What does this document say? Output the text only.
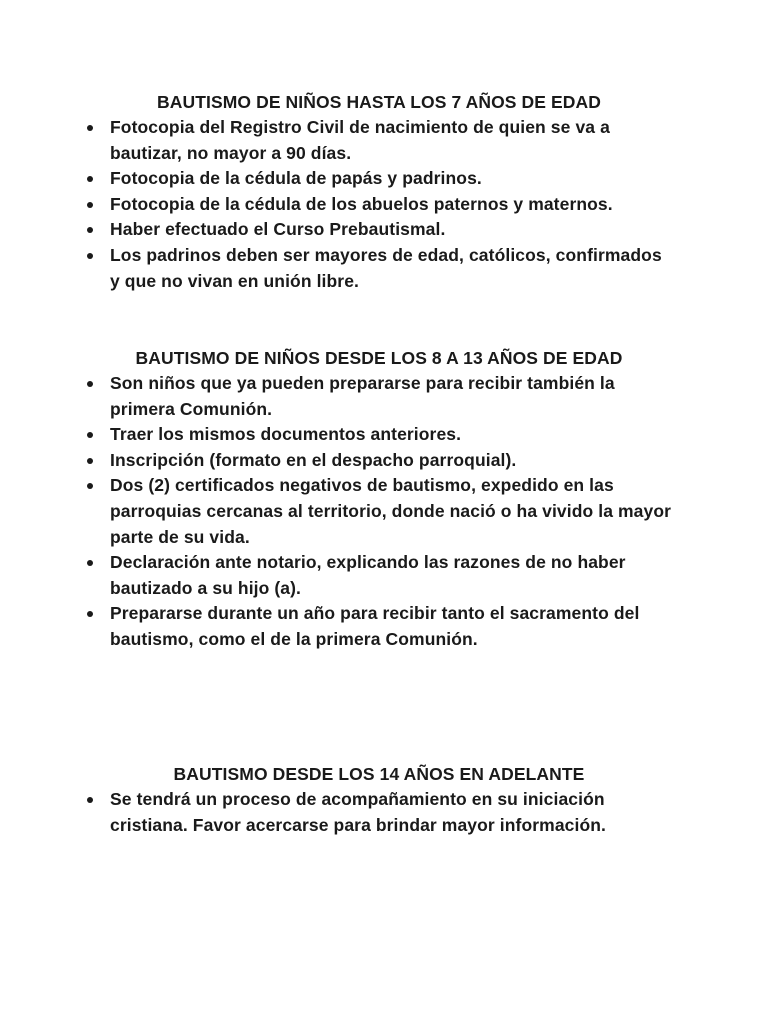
BAUTISMO DE NIÑOS HASTA LOS 7 AÑOS DE EDAD
Fotocopia del Registro Civil de nacimiento de quien se va a bautizar, no mayor a 90 días.
Fotocopia de la cédula de papás y padrinos.
Fotocopia de la cédula de los abuelos paternos y maternos.
Haber efectuado el Curso Prebautismal.
Los padrinos deben ser mayores de edad, católicos, confirmados y que no vivan en unión libre.
BAUTISMO DE NIÑOS DESDE LOS 8 A 13 AÑOS DE EDAD
Son niños que ya pueden prepararse para recibir también la primera Comunión.
Traer los mismos documentos anteriores.
Inscripción (formato en el despacho parroquial).
Dos (2) certificados negativos de bautismo, expedido en las parroquias cercanas al territorio, donde nació o ha vivido la mayor parte de su vida.
Declaración ante notario, explicando las razones de no haber bautizado a su hijo (a).
Prepararse durante un año para recibir tanto el sacramento del bautismo, como el de la primera Comunión.
BAUTISMO DESDE LOS 14 AÑOS EN ADELANTE
Se tendrá un proceso de acompañamiento en su iniciación cristiana. Favor acercarse para brindar mayor información.
